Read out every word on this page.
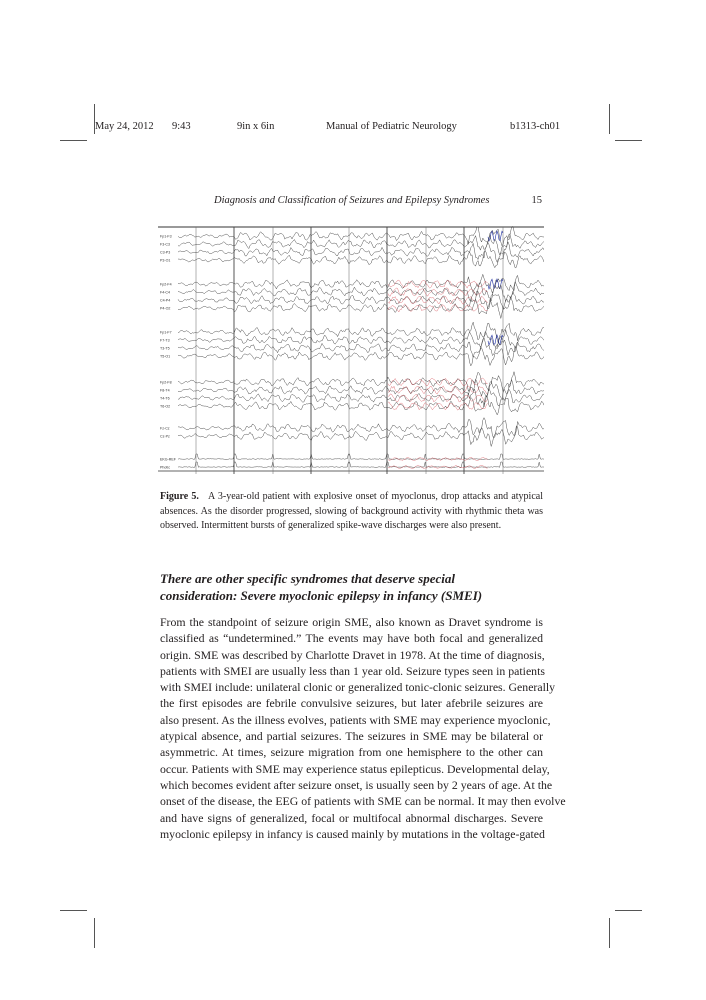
May 24, 2012 9:43	9in x 6in	Manual of Pediatric Neurology	b1313-ch01
Diagnosis and Classification of Seizures and Epilepsy Syndromes	15
Fp1-F3
F3-C3
C3-P3
P3-O1
Fp2-F4
F4-C4
C4-P4
P4-O2
Fp1-F7
F7-T3
T3-T5
T5-O1
Fp2-F8
F8-T4
T4-T6
T6-O2
Fz-Cz
Cz-Pz
EKG-REF
Photic
Figure 5. A 3-year-old patient with explosive onset of myoclonus, drop attacks and atypical absences. As the disorder progressed, slowing of background activity with rhythmic theta was observed. Intermittent bursts of generalized spike-wave discharges were also present.
There are other specific syndromes that deserve special
consideration: Severe myoclonic epilepsy in infancy (SMEI)
From the standpoint of seizure origin SME, also known as Dravet syndrome is
classified as “undetermined.” The events may have both focal and generalized
origin. SME was described by Charlotte Dravet in 1978. At the time of diagnosis,
patients with SMEI are usually less than 1 year old. Seizure types seen in patients
with SMEI include: unilateral clonic or generalized tonic-clonic seizures. Generally
the first episodes are febrile convulsive seizures, but later afebrile seizures are
also present. As the illness evolves, patients with SME may experience myoclonic,
atypical absence, and partial seizures. The seizures in SME may be bilateral or
asymmetric. At times, seizure migration from one hemisphere to the other can
occur. Patients with SME may experience status epilepticus. Developmental delay,
which becomes evident after seizure onset, is usually seen by 2 years of age. At the
onset of the disease, the EEG of patients with SME can be normal. It may then evolve
and have signs of generalized, focal or multifocal abnormal discharges. Severe
myoclonic epilepsy in infancy is caused mainly by mutations in the voltage-gated
